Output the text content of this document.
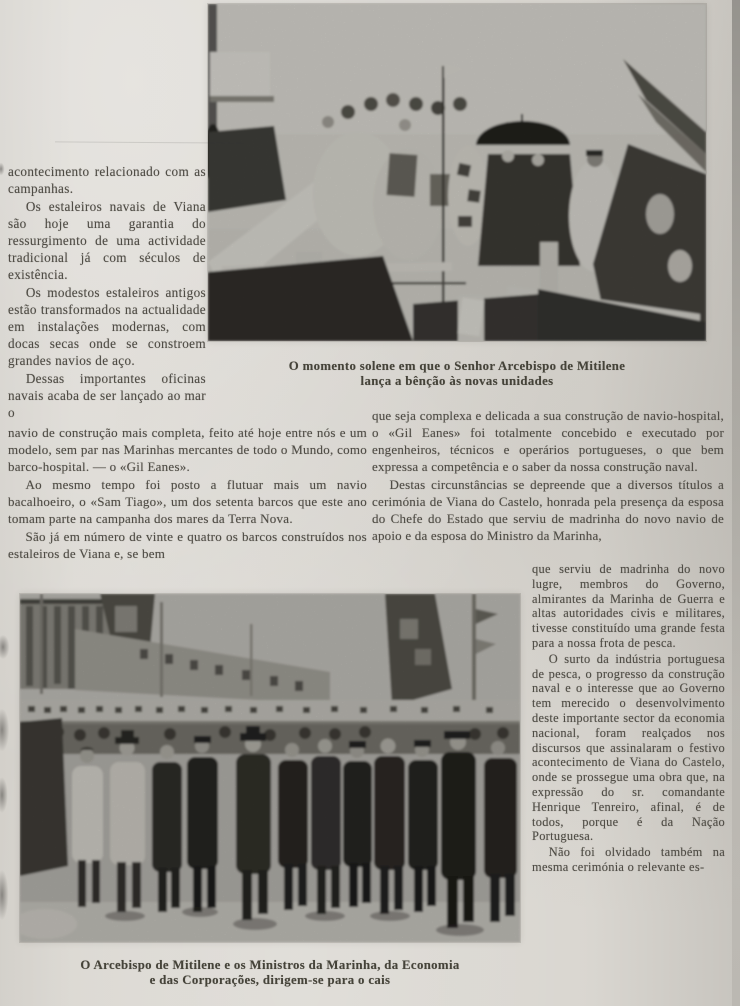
O momento solene em que o Senhor Arcebispo de Mitilene
lança a bênção às novas unidades

acontecimento relacionado com as campanhas.

Os estaleiros navais de Viana são hoje uma garantia do ressurgimento de uma actividade tradicional já com séculos de existência.

Os modestos estaleiros antigos estão transformados na actualidade em instalações modernas, com docas secas onde se constroem grandes navios de aço.

Dessas importantes oficinas navais acaba de ser lançado ao mar o

navio de construção mais completa, feito até hoje entre nós e um modelo, sem par nas Marinhas mercantes de todo o Mundo, como barco-hospital. — o «Gil Eanes».

Ao mesmo tempo foi posto a flutuar mais um navio bacalhoeiro, o «Sam Tiago», um dos setenta barcos que este ano tomam parte na campanha dos mares da Terra Nova.

São já em número de vinte e quatro os barcos construídos nos estaleiros de Viana e, se bem

que seja complexa e delicada a sua construção de navio-hospital, o «Gil Eanes» foi totalmente concebido e executado por engenheiros, técnicos e operários portugueses, o que bem expressa a competência e o saber da nossa construção naval.

Destas circunstâncias se depreende que a diversos títulos a cerimónia de Viana do Castelo, honrada pela presença da esposa do Chefe do Estado que serviu de madrinha do novo navio de apoio e da esposa do Ministro da Marinha,

que serviu de madrinha do novo lugre, membros do Governo, almirantes da Marinha de Guerra e altas autoridades civis e militares, tivesse constituído uma grande festa para a nossa frota de pesca.

O surto da indústria portuguesa de pesca, o progresso da construção naval e o interesse que ao Governo tem merecido o desenvolvimento deste importante sector da economia nacional, foram realçados nos discursos que assinalaram o festivo acontecimento de Viana do Castelo, onde se prossegue uma obra que, na expressão do sr. comandante Henrique Tenreiro, afinal, é de todos, porque é da Nação Portuguesa.

Não foi olvidado também na mesma cerimónia o relevante es-

O Arcebispo de Mitilene e os Ministros da Marinha, da Economia
e das Corporações, dirigem-se para o cais
